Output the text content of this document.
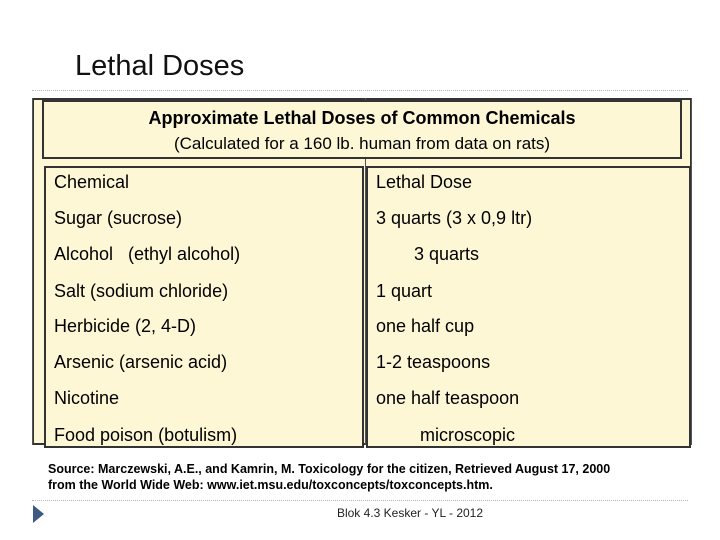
Lethal Doses
Approximate Lethal Doses of Common Chemicals
(Calculated for a 160 lb. human from data on rats)
Chemical	Lethal Dose
Sugar (sucrose)	3 quarts (3 x 0,9 ltr)
Alcohol   (ethyl alcohol)	3 quarts
Salt (sodium chloride)	1 quart
Herbicide (2, 4-D)	one half cup
Arsenic (arsenic acid)	1-2 teaspoons
Nicotine	one half teaspoon
Food poison (botulism)	microscopic
Source: Marczewski, A.E., and Kamrin, M. Toxicology for the citizen, Retrieved August 17, 2000
from the World Wide Web: www.iet.msu.edu/toxconcepts/toxconcepts.htm.
Blok 4.3 Kesker - YL - 2012
